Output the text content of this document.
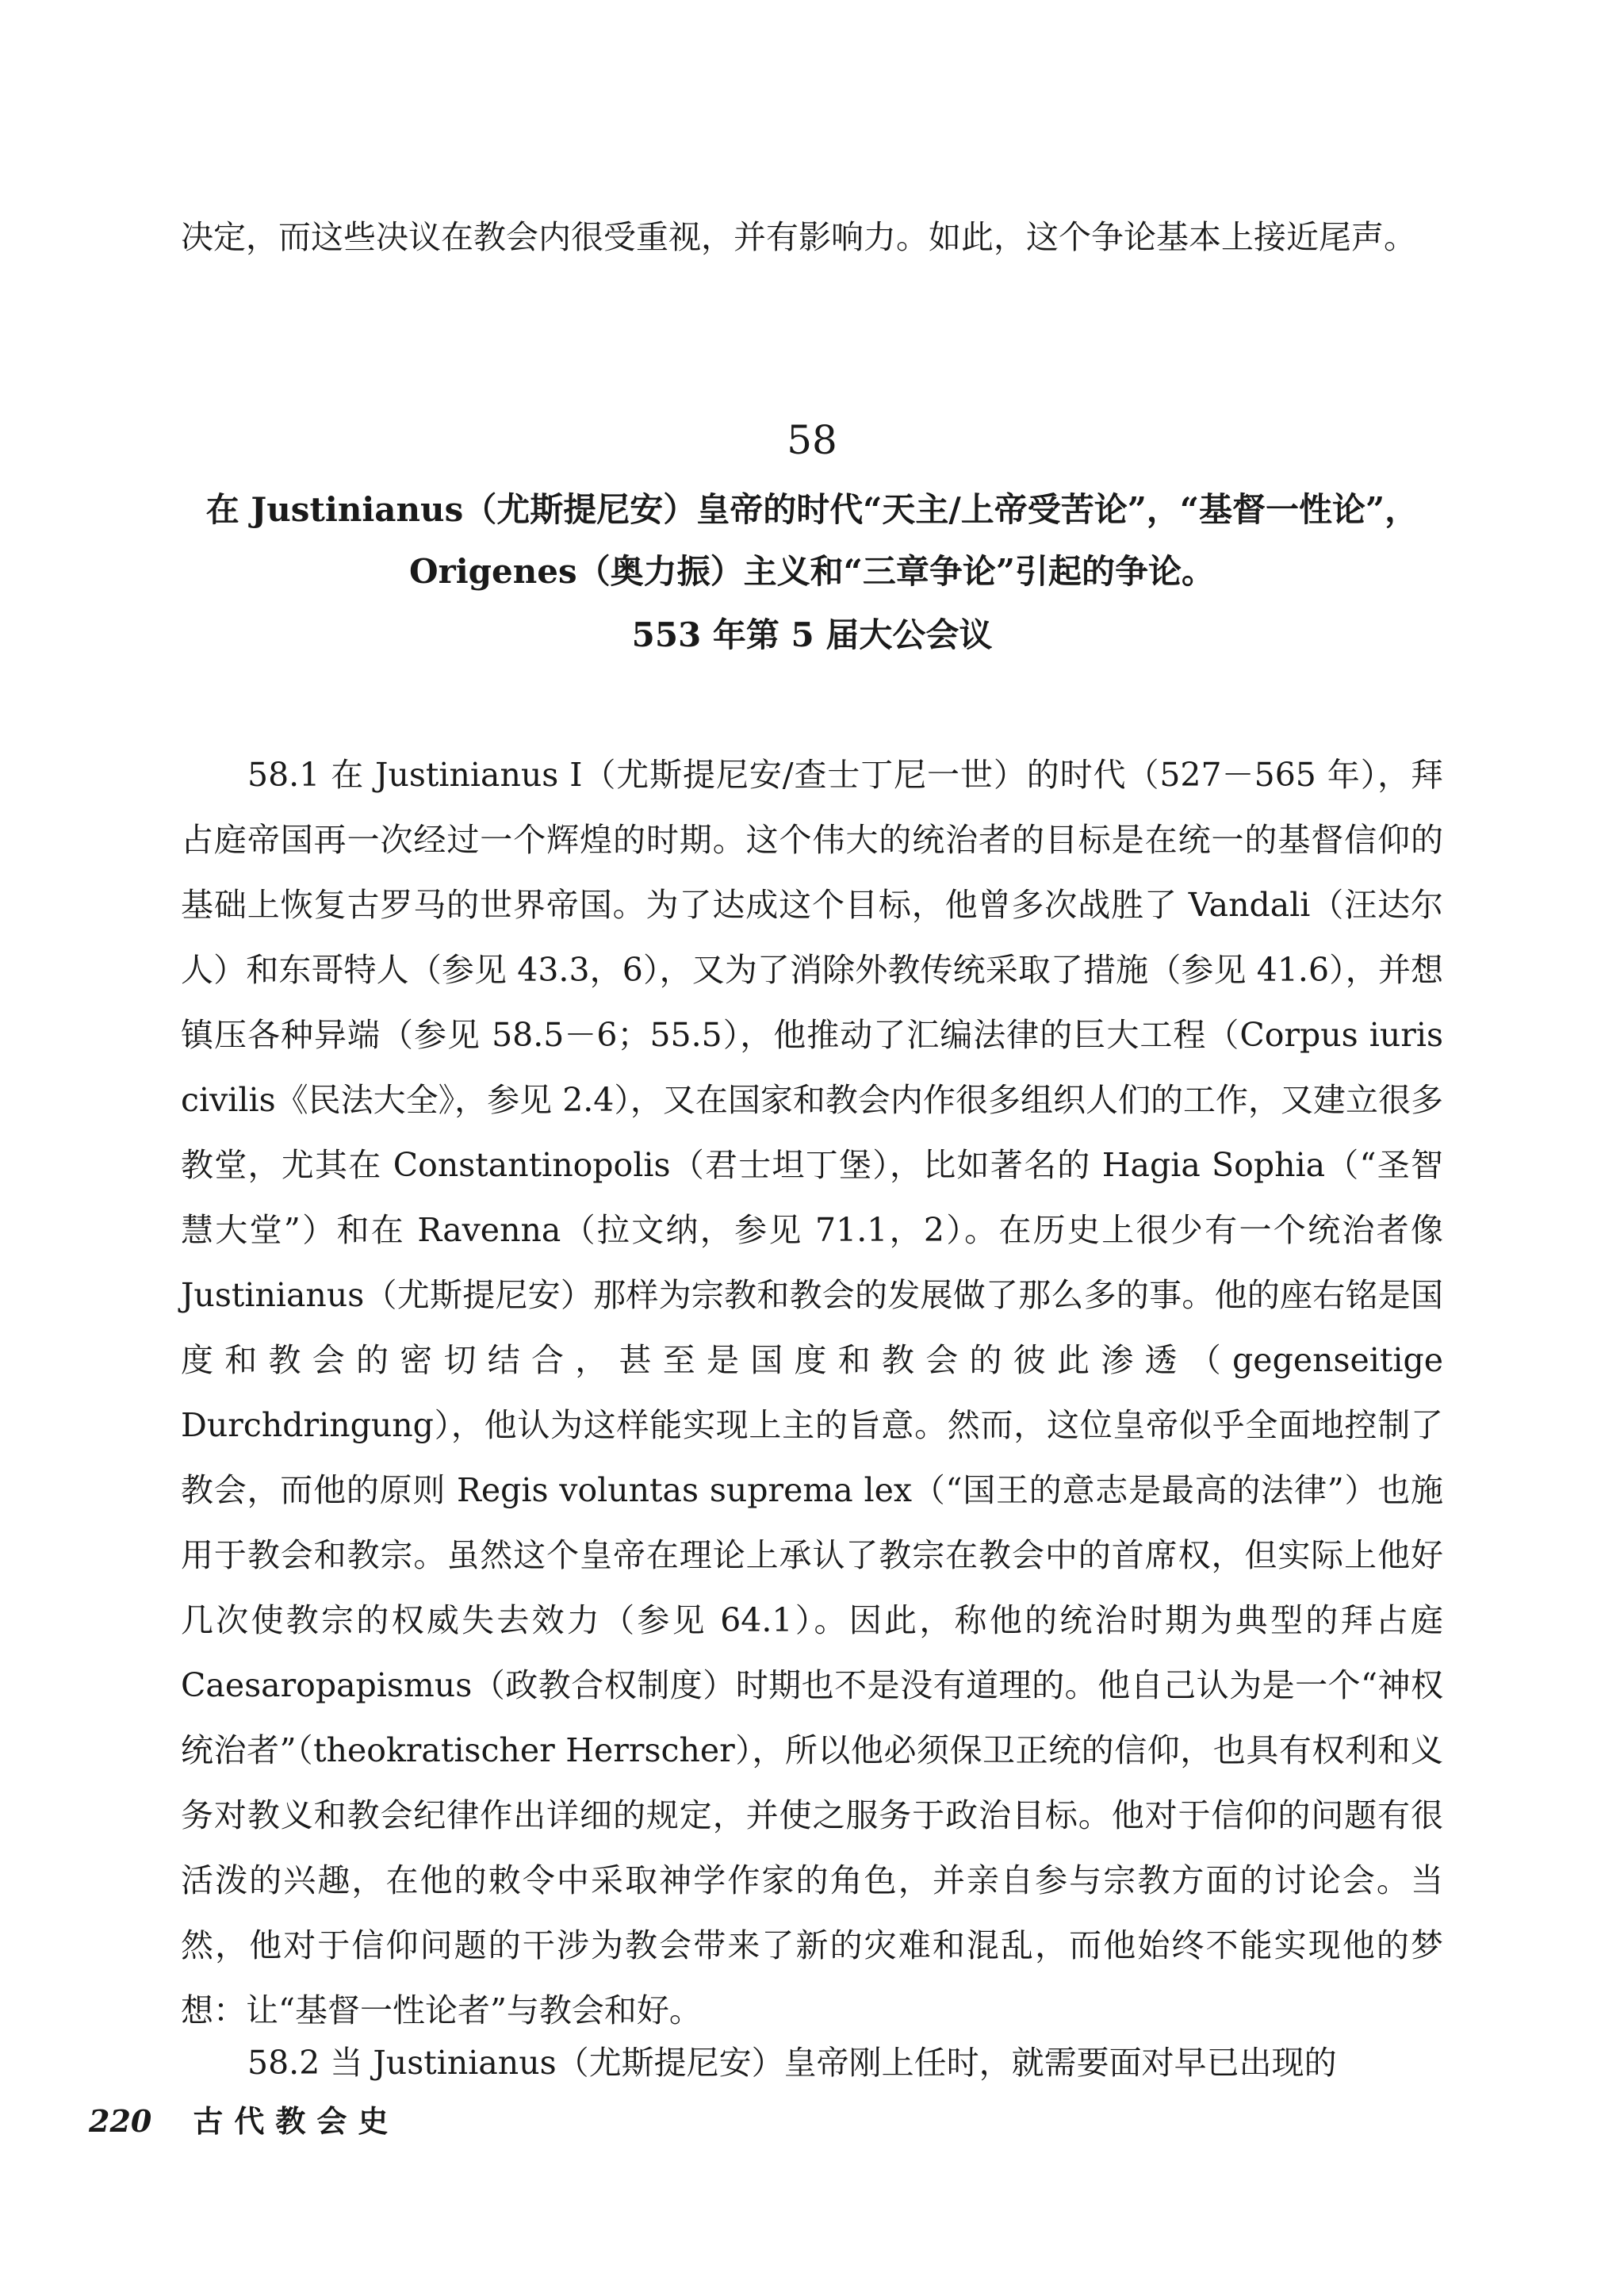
决定，而这些决议在教会内很受重视，并有影响力。如此，这个争论基本上接近尾声。

58
在 Justinianus（尤斯提尼安）皇帝的时代“天主/上帝受苦论”，“基督一性论”，
Origenes（奥力振）主义和“三章争论”引起的争论。
553 年第 5 届大公会议

58.1 在 Justinianus I（尤斯提尼安/查士丁尼一世）的时代（527－565 年），拜占庭帝国再一次经过一个辉煌的时期。这个伟大的统治者的目标是在统一的基督信仰的基础上恢复古罗马的世界帝国。为了达成这个目标，他曾多次战胜了 Vandali（汪达尔人）和东哥特人（参见 43.3，6），又为了消除外教传统采取了措施（参见 41.6），并想镇压各种异端（参见 58.5－6；55.5），他推动了汇编法律的巨大工程（Corpus iuris civilis《民法大全》，参见 2.4），又在国家和教会内作很多组织人们的工作，又建立很多教堂，尤其在 Constantinopolis（君士坦丁堡），比如著名的 Hagia Sophia（“圣智慧大堂”）和在 Ravenna（拉文纳，参见 71.1，2）。在历史上很少有一个统治者像 Justinianus（尤斯提尼安）那样为宗教和教会的发展做了那么多的事。他的座右铭是国度和教会的密切结合，甚至是国度和教会的彼此渗透（gegenseitige Durchdringung），他认为这样能实现上主的旨意。然而，这位皇帝似乎全面地控制了教会，而他的原则 Regis voluntas suprema lex（“国王的意志是最高的法律”）也施用于教会和教宗。虽然这个皇帝在理论上承认了教宗在教会中的首席权，但实际上他好几次使教宗的权威失去效力（参见 64.1）。因此，称他的统治时期为典型的拜占庭 Caesaropapismus（政教合权制度）时期也不是没有道理的。他自己认为是一个“神权统治者”（theokratischer Herrscher），所以他必须保卫正统的信仰，也具有权利和义务对教义和教会纪律作出详细的规定，并使之服务于政治目标。他对于信仰的问题有很活泼的兴趣，在他的敕令中采取神学作家的角色，并亲自参与宗教方面的讨论会。当然，他对于信仰问题的干涉为教会带来了新的灾难和混乱，而他始终不能实现他的梦想：让“基督一性论者”与教会和好。

58.2 当 Justinianus（尤斯提尼安）皇帝刚上任时，就需要面对早已出现的

220 古代教会史
